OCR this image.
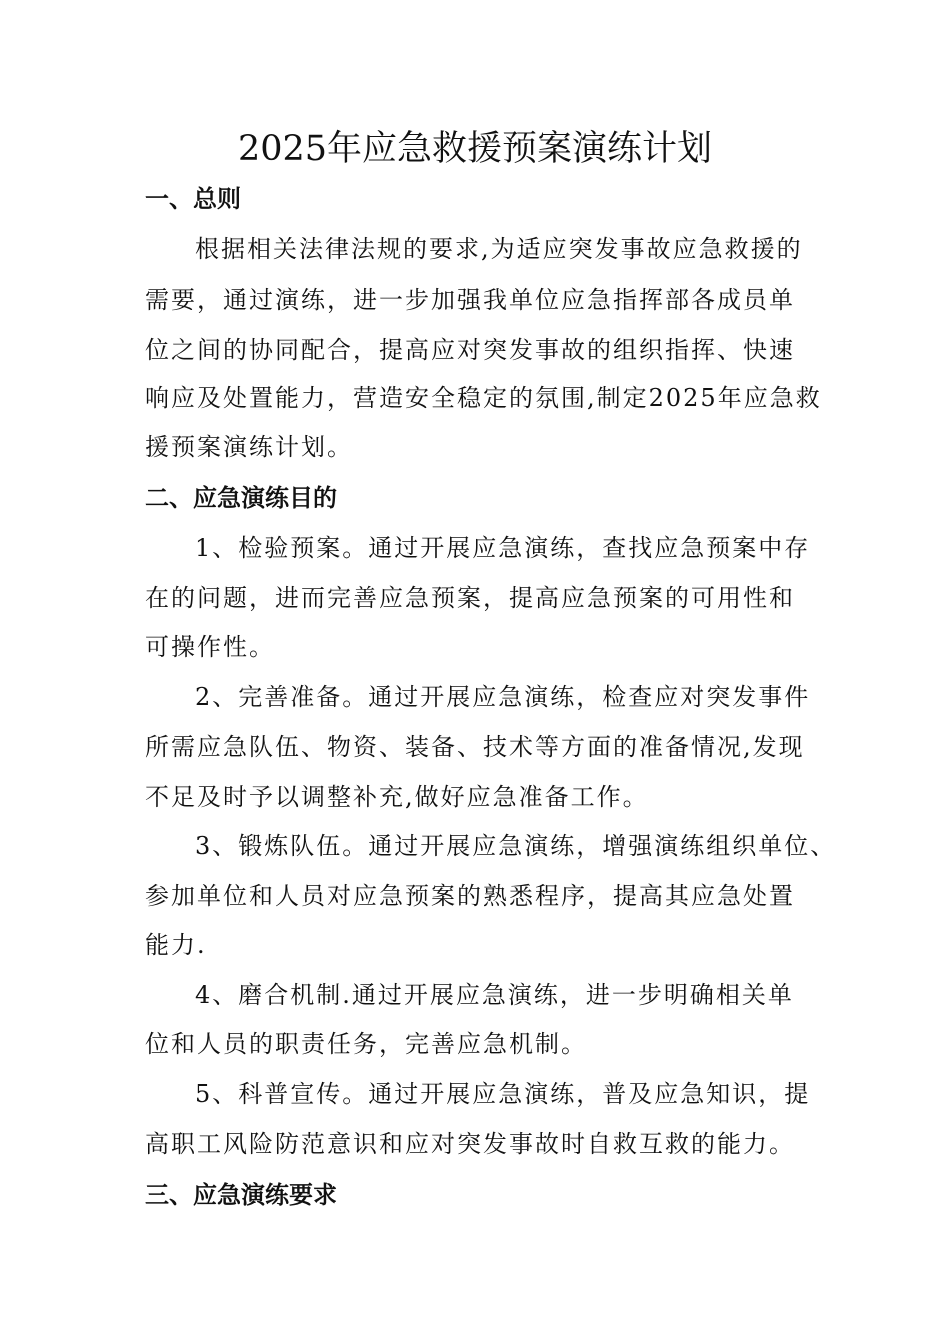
2025年应急救援预案演练计划
一、总则
根据相关法律法规的要求,为适应突发事故应急救援的
需要，通过演练，进一步加强我单位应急指挥部各成员单
位之间的协同配合，提高应对突发事故的组织指挥、快速
响应及处置能力，营造安全稳定的氛围,制定2025年应急救
援预案演练计划。
二、应急演练目的
1、检验预案。通过开展应急演练，查找应急预案中存
在的问题，进而完善应急预案，提高应急预案的可用性和
可操作性。
2、完善准备。通过开展应急演练，检查应对突发事件
所需应急队伍、物资、装备、技术等方面的准备情况,发现
不足及时予以调整补充,做好应急准备工作。
3、锻炼队伍。通过开展应急演练，增强演练组织单位、
参加单位和人员对应急预案的熟悉程序，提高其应急处置
能力.
4、磨合机制.通过开展应急演练，进一步明确相关单
位和人员的职责任务，完善应急机制。
5、科普宣传。通过开展应急演练，普及应急知识，提
高职工风险防范意识和应对突发事故时自救互救的能力。
三、应急演练要求
